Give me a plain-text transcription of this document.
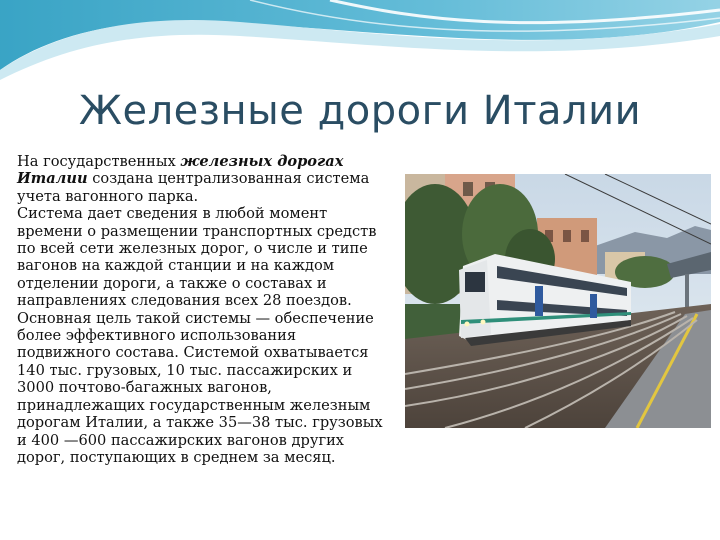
Железные дороги Италии

На государственных железных дорогах Италии создана централизованная система учета вагонного парка.

Система дает сведения в любой момент времени о размещении транспортных средств по всей сети железных дорог, о числе и типе вагонов на каждой станции и на каждом отделении дороги, а также о составах и направлениях следования всех 28 поездов.

Основная цель такой системы — обеспечение более эффективного использования подвижного состава. Системой охватывается 140 тыс. грузовых, 10 тыс. пассажирских и 3000 почтово-багажных вагонов, принадлежащих государственным железным дорогам Италии, а также 35—38 тыс. грузовых и 400 —600 пассажирских вагонов других дорог, поступающих в среднем за месяц.
